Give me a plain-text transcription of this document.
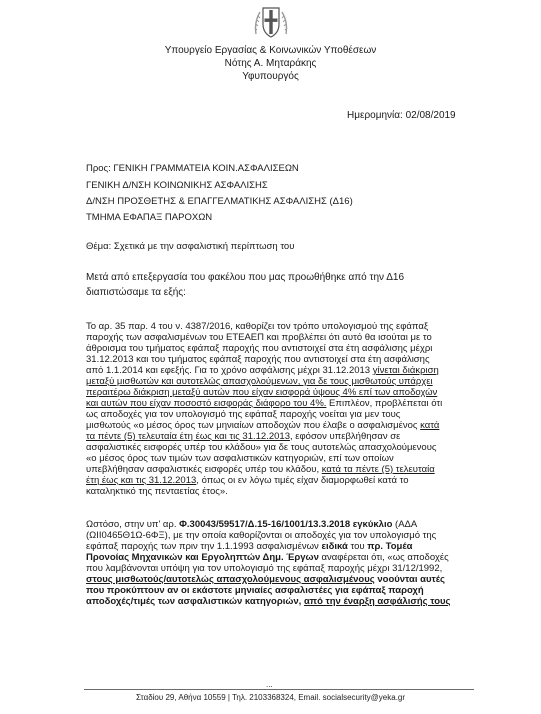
Υπουργείο Εργασίας & Κοινωνικών Υποθέσεων
Νότης Α. Μηταράκης
Υφυπουργός
Ημερομηνία: 02/08/2019
Προς: ΓΕΝΙΚΗ ΓΡΑΜΜΑΤΕΙΑ ΚΟΙΝ.ΑΣΦΑΛΙΣΕΩΝ
ΓΕΝΙΚΗ Δ/ΝΣΗ ΚΟΙΝΩΝΙΚΗΣ ΑΣΦΑΛΙΣΗΣ
Δ/ΝΣΗ ΠΡΟΣΘΕΤΗΣ & ΕΠΑΓΓΕΛΜΑΤΙΚΗΣ ΑΣΦΑΛΙΣΗΣ (Δ16)
ΤΜΗΜΑ ΕΦΑΠΑΞ ΠΑΡΟΧΩΝ
Θέμα: Σχετικά με την ασφαλιστική περίπτωση του
Μετά από επεξεργασία του φακέλου που μας προωθήθηκε από την Δ16
διαπιστώσαμε τα εξής:
Το αρ. 35 παρ. 4 του ν. 4387/2016, καθορίζει τον τρόπο υπολογισμού της εφάπαξ
παροχής των ασφαλισμένων του ΕΤΕΑΕΠ και προβλέπει ότι αυτό θα ισούται με το
άθροισμα του τμήματος εφάπαξ παροχής που αντιστοιχεί στα έτη ασφάλισης μέχρι
31.12.2013 και του τμήματος εφάπαξ παροχής που αντιστοιχεί στα έτη ασφάλισης
από 1.1.2014 και εφεξής. Για το χρόνο ασφάλισης μέχρι 31.12.2013 γίνεται διάκριση
μεταξύ μισθωτών και αυτοτελώς απασχολούμενων, για δε τους μισθωτούς υπάρχει
περαιτέρω διάκριση μεταξύ αυτών που είχαν εισφορά ύψους 4% επί των αποδοχών
και αυτών που είχαν ποσοστό εισφοράς διάφορο του 4%. Επιπλέον, προβλέπεται ότι
ως αποδοχές για τον υπολογισμό της εφάπαξ παροχής νοείται για μεν τους
μισθωτούς «ο μέσος όρος των μηνιαίων αποδοχών που έλαβε ο ασφαλισμένος κατά
τα πέντε (5) τελευταία έτη έως και τις 31.12.2013, εφόσον υπεβλήθησαν σε
ασφαλιστικές εισφορές υπέρ του κλάδου» για δε τους αυτοτελώς απασχολούμενους
«ο μέσος όρος των τιμών των ασφαλιστικών κατηγοριών, επί των οποίων
υπεβλήθησαν ασφαλιστικές εισφορές υπέρ του κλάδου, κατά τα πέντε (5) τελευταία
έτη έως και τις 31.12.2013, όπως οι εν λόγω τιμές είχαν διαμορφωθεί κατά το
καταληκτικό της πενταετίας έτος».
Ωστόσο, στην υπ' αρ. Φ.30043/59517/Δ.15-16/1001/13.3.2018 εγκύκλιο (ΑΔΑ
(ΩΙΙ0465Θ1Ω-6ΦΞ), με την οποία καθορίζονται οι αποδοχές για τον υπολογισμό της
εφάπαξ παροχής των πριν την 1.1.1993 ασφαλισμένων ειδικά του πρ. Τομέα
Προνοίας Μηχανικών και Εργοληπτών Δημ. Έργων αναφέρεται ότι, «ως αποδοχές
που λαμβάνονται υπόψη για τον υπολογισμό της εφάπαξ παροχής μέχρι 31/12/1992,
στους μισθωτούς/αυτοτελώς απασχολούμενους ασφαλισμένους νοούνται αυτές
που προκύπτουν αν οι εκάστοτε μηνιαίες ασφαλιστέες για εφάπαξ παροχή
αποδοχές/τιμές των ασφαλιστικών κατηγοριών, από την έναρξη ασφάλισής τους
...
Σταδίου 29, Αθήνα 10559 | Τηλ. 2103368324, Email. socialsecurity@yeka.gr
